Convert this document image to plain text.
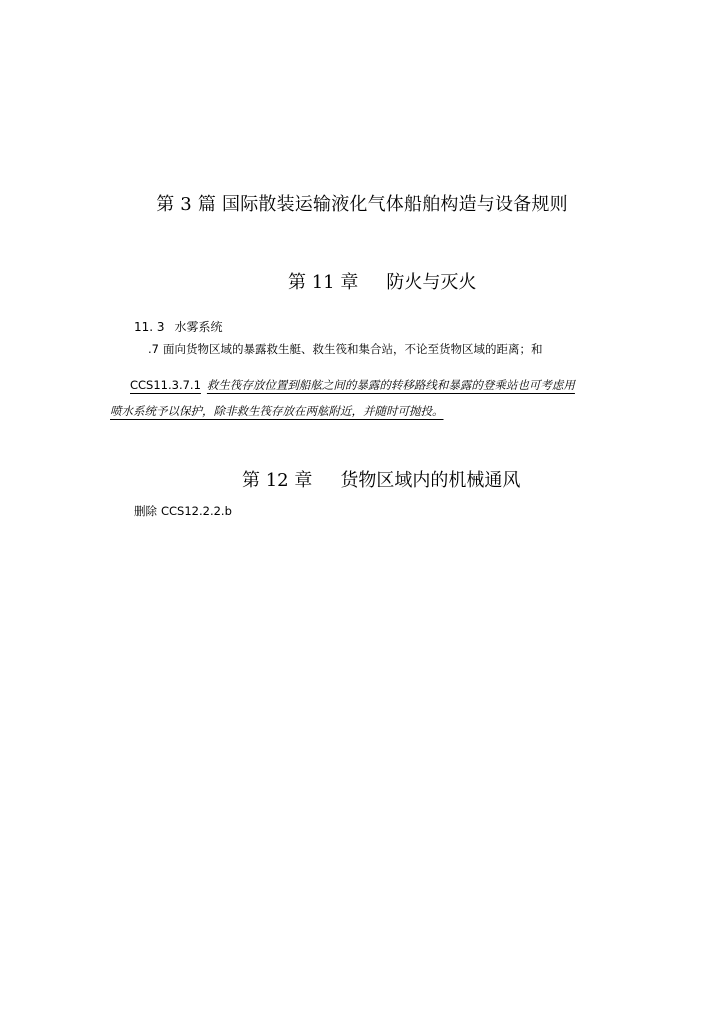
第 3 篇 国际散装运输液化气体船舶构造与设备规则
第 11 章 防火与灭火
11. 3 水雾系统
.7 面向货物区域的暴露救生艇、救生筏和集合站，不论至货物区域的距离；和
CCS11.3.7.1 救生筏存放位置到船舷之间的暴露的转移路线和暴露的登乘站也可考虑用
喷水系统予以保护，除非救生筏存放在两舷附近，并随时可抛投。
第 12 章 货物区域内的机械通风
删除 CCS12.2.2.b
